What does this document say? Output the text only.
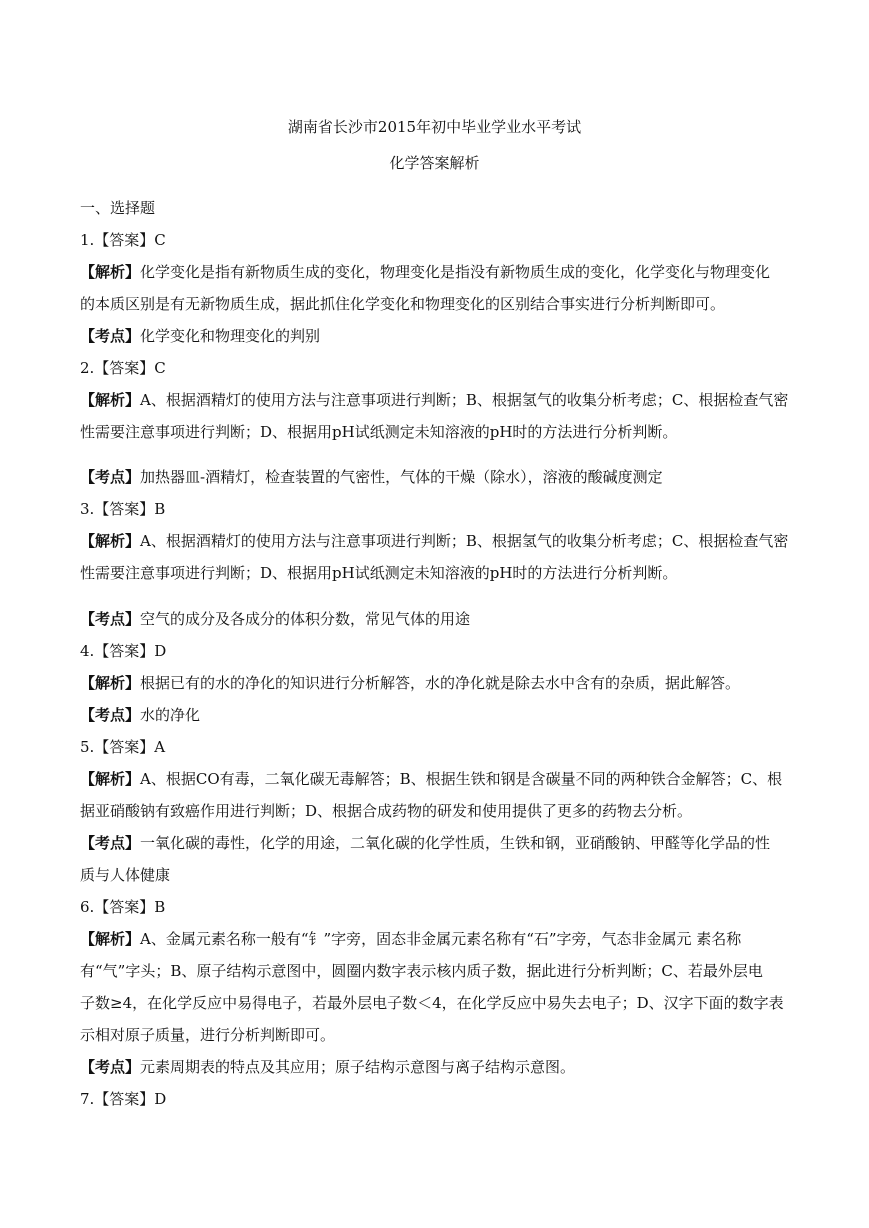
湖南省长沙市2015年初中毕业学业水平考试
化学答案解析
一、选择题
1.【答案】C
【解析】化学变化是指有新物质生成的变化，物理变化是指没有新物质生成的变化，化学变化与物理变化
的本质区别是有无新物质生成，据此抓住化学变化和物理变化的区别结合事实进行分析判断即可。
【考点】化学变化和物理变化的判别
2.【答案】C
【解析】A、根据酒精灯的使用方法与注意事项进行判断；B、根据氢气的收集分析考虑；C、根据检查气密
性需要注意事项进行判断；D、根据用pH试纸测定未知溶液的pH时的方法进行分析判断。
【考点】加热器皿-酒精灯，检查装置的气密性，气体的干燥（除水），溶液的酸碱度测定
3.【答案】B
【解析】A、根据酒精灯的使用方法与注意事项进行判断；B、根据氢气的收集分析考虑；C、根据检查气密
性需要注意事项进行判断；D、根据用pH试纸测定未知溶液的pH时的方法进行分析判断。
【考点】空气的成分及各成分的体积分数，常见气体的用途
4.【答案】D
【解析】根据已有的水的净化的知识进行分析解答，水的净化就是除去水中含有的杂质，据此解答。
【考点】水的净化
5.【答案】A
【解析】A、根据CO有毒，二氧化碳无毒解答；B、根据生铁和钢是含碳量不同的两种铁合金解答；C、根
据亚硝酸钠有致癌作用进行判断；D、根据合成药物的研发和使用提供了更多的药物去分析。
【考点】一氧化碳的毒性，化学的用途，二氧化碳的化学性质，生铁和钢，亚硝酸钠、甲醛等化学品的性
质与人体健康
6.【答案】B
【解析】A、金属元素名称一般有“钅”字旁，固态非金属元素名称有“石”字旁，气态非金属元 素名称
有“气”字头；B、原子结构示意图中，圆圈内数字表示核内质子数，据此进行分析判断；C、若最外层电
子数≥4，在化学反应中易得电子，若最外层电子数＜4，在化学反应中易失去电子；D、汉字下面的数字表
示相对原子质量，进行分析判断即可。
【考点】元素周期表的特点及其应用；原子结构示意图与离子结构示意图。
7.【答案】D
